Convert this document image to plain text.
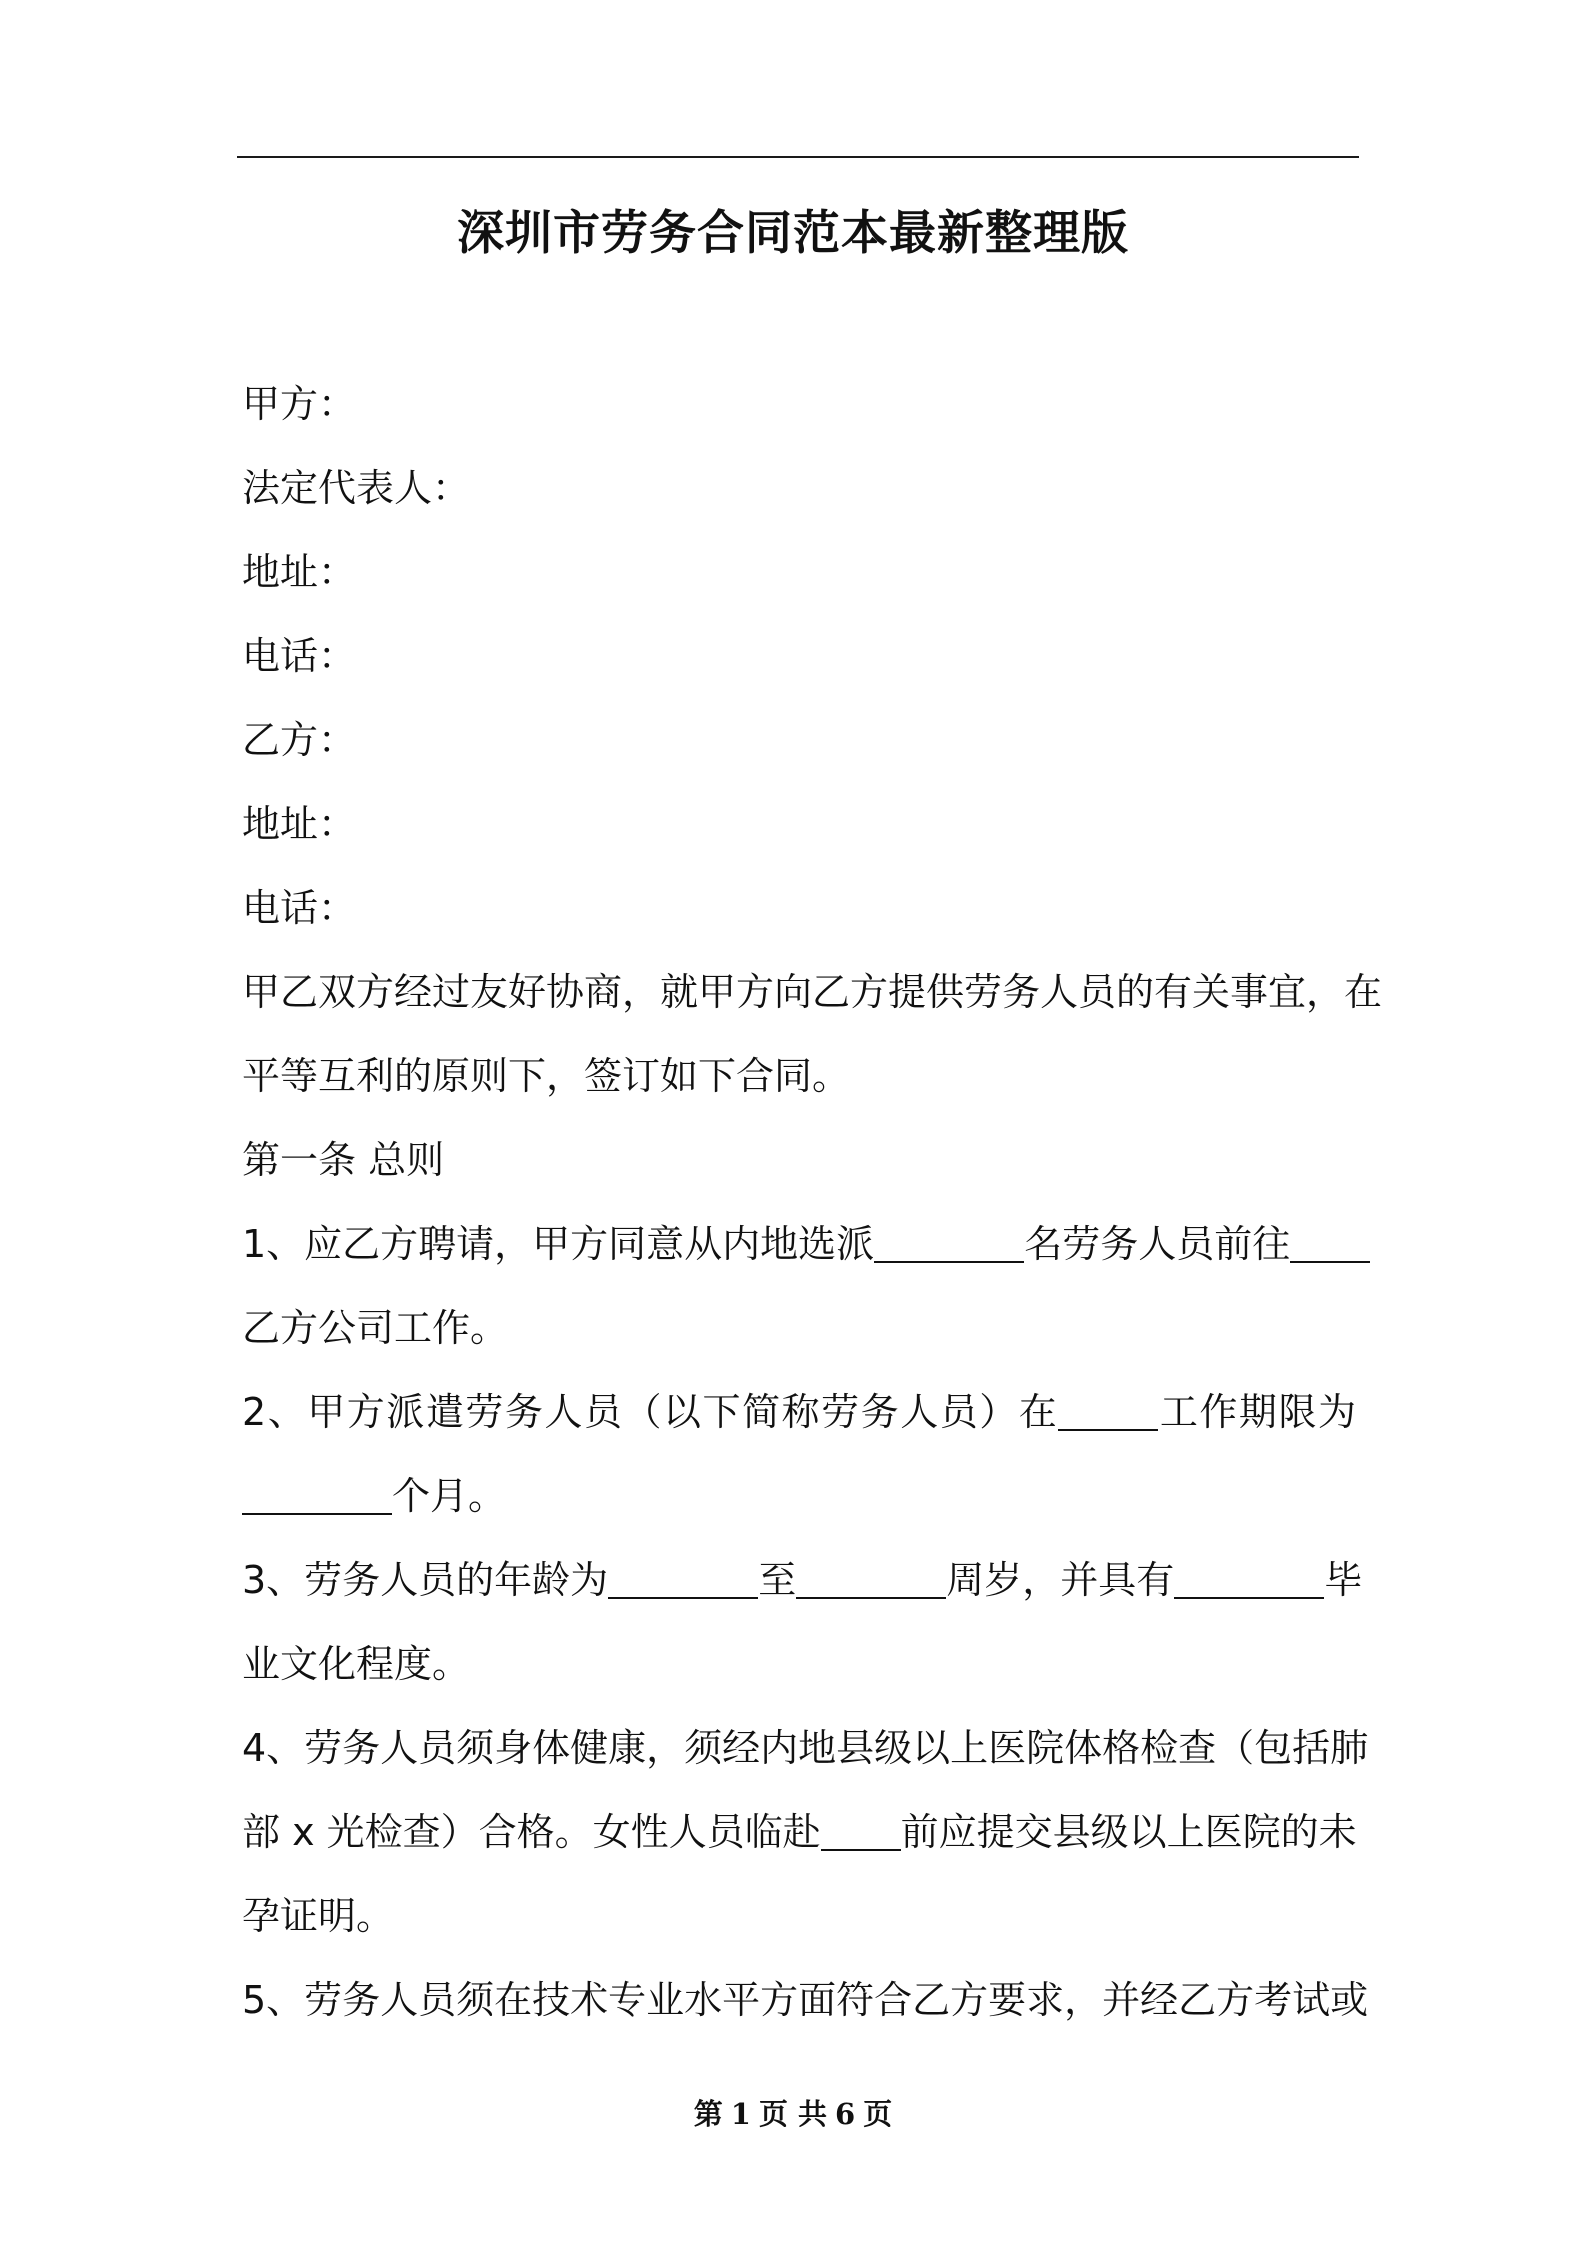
深圳市劳务合同范本最新整理版
甲方：
法定代表人：
地址：
电话：
乙方：
地址：
电话：
甲乙双方经过友好协商，就甲方向乙方提供劳务人员的有关事宜，在
平等互利的原则下，签订如下合同。
第一条 总则
1、应乙方聘请，甲方同意从内地选派	名劳务人员前往
乙方公司工作。
2、甲方派遣劳务人员（以下简称劳务人员）在	工作期限为
个月。
3、劳务人员的年龄为	至	周岁，并具有	毕
业文化程度。
4、劳务人员须身体健康，须经内地县级以上医院体格检查（包括肺
部 x 光检查）合格。女性人员临赴 前应提交县级以上医院的未
孕证明。
5、劳务人员须在技术专业水平方面符合乙方要求，并经乙方考试或
第 1 页 共 6 页
